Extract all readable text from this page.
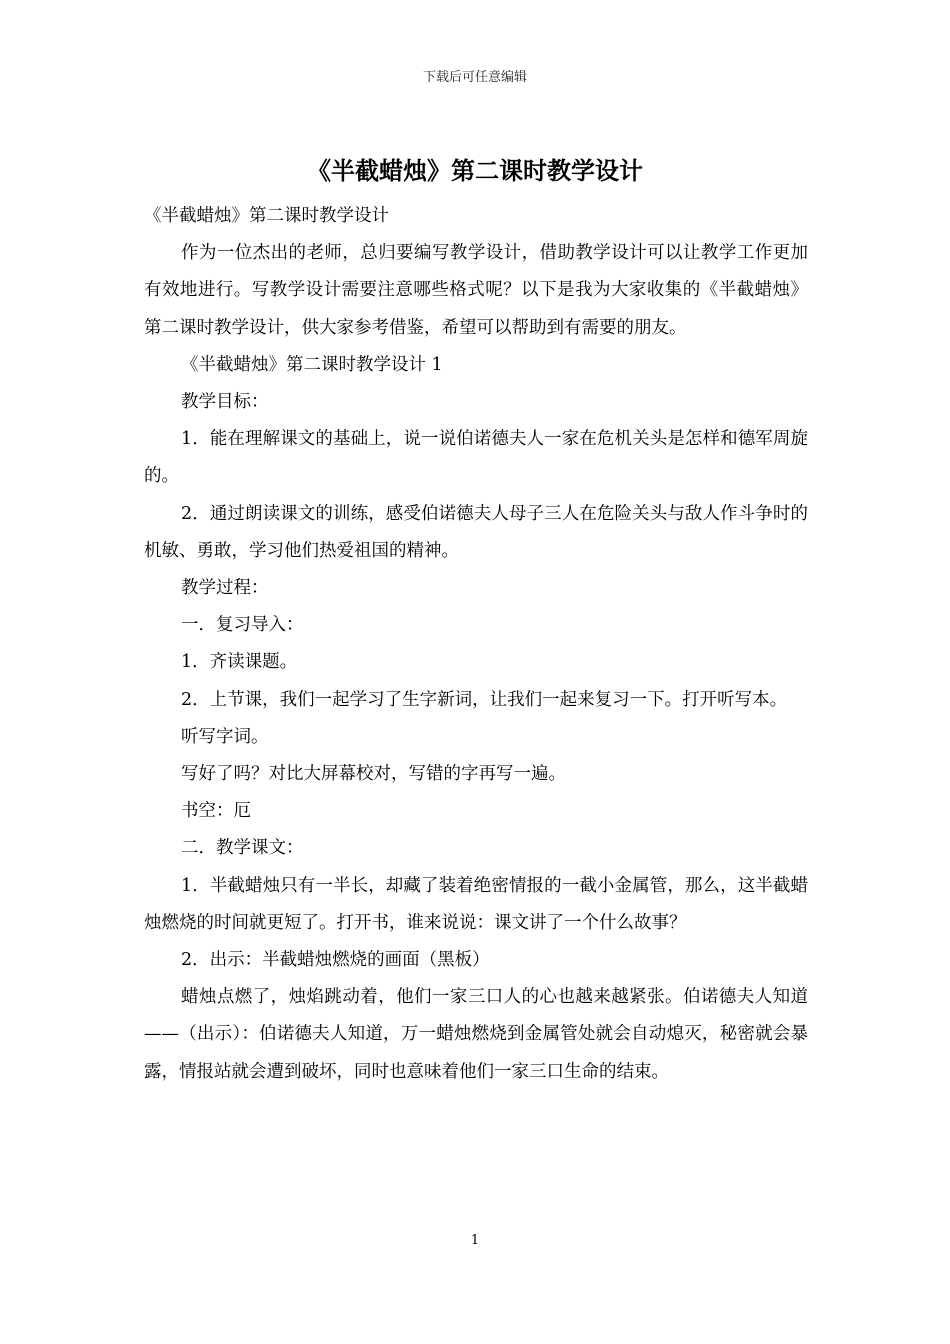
下载后可任意编辑
《半截蜡烛》第二课时教学设计

《半截蜡烛》第二课时教学设计

作为一位杰出的老师，总归要编写教学设计，借助教学设计可以让教学工作更加有效地进行。写教学设计需要注意哪些格式呢？以下是我为大家收集的《半截蜡烛》第二课时教学设计，供大家参考借鉴，希望可以帮助到有需要的朋友。

《半截蜡烛》第二课时教学设计 1

教学目标：

1．能在理解课文的基础上，说一说伯诺德夫人一家在危机关头是怎样和德军周旋的。

2．通过朗读课文的训练，感受伯诺德夫人母子三人在危险关头与敌人作斗争时的机敏、勇敢，学习他们热爱祖国的精神。

教学过程：

一．复习导入：

1．齐读课题。

2．上节课，我们一起学习了生字新词，让我们一起来复习一下。打开听写本。

听写字词。

写好了吗？对比大屏幕校对，写错的字再写一遍。

书空：厄

二．教学课文：

1．半截蜡烛只有一半长，却藏了装着绝密情报的一截小金属管，那么，这半截蜡烛燃烧的时间就更短了。打开书，谁来说说：课文讲了一个什么故事？

2．出示：半截蜡烛燃烧的画面（黑板）

蜡烛点燃了，烛焰跳动着，他们一家三口人的心也越来越紧张。伯诺德夫人知道——（出示）：伯诺德夫人知道，万一蜡烛燃烧到金属管处就会自动熄灭，秘密就会暴露，情报站就会遭到破坏，同时也意味着他们一家三口生命的结束。

1
